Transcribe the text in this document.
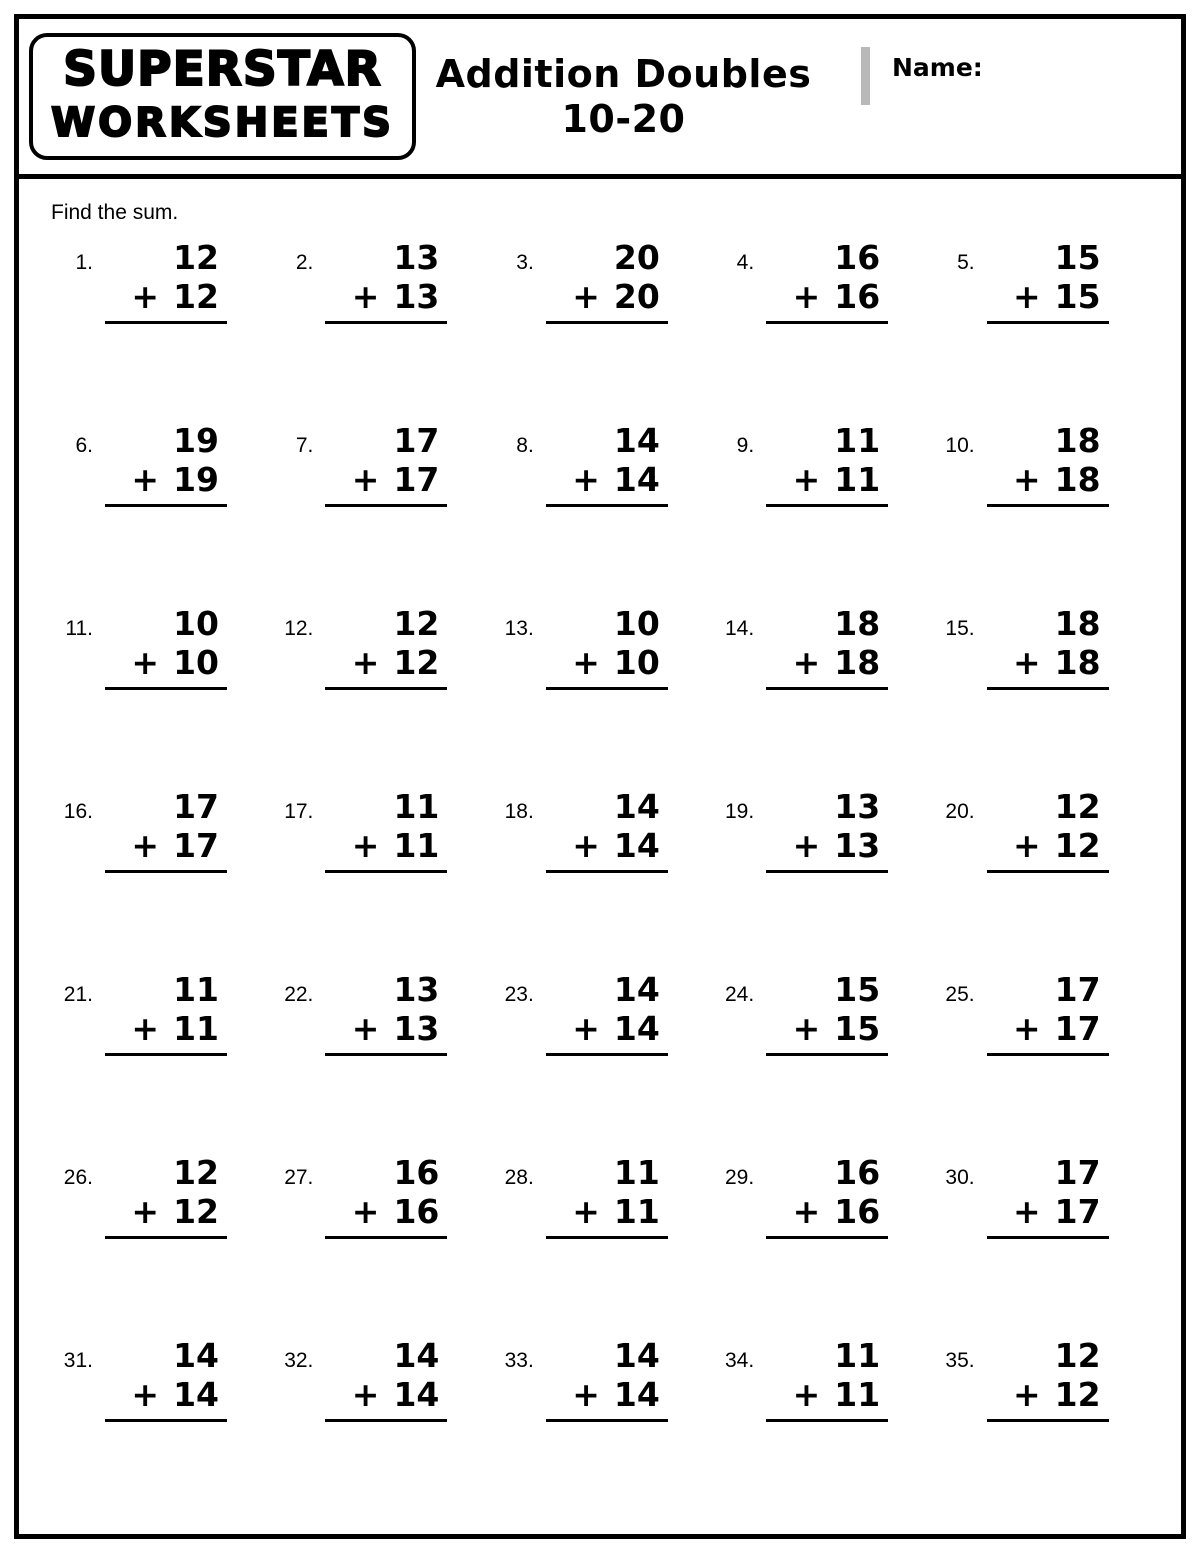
SUPERSTAR
WORKSHEETS
Addition Doubles
10-20
Name:
Find the sum.
1.	12
+ 12
2.	13
+ 13
3.	20
+ 20
4.	16
+ 16
5.	15
+ 15
6.	19
+ 19
7.	17
+ 17
8.	14
+ 14
9.	11
+ 11
10.	18
+ 18
11.	10
+ 10
12.	12
+ 12
13.	10
+ 10
14.	18
+ 18
15.	18
+ 18
16.	17
+ 17
17.	11
+ 11
18.	14
+ 14
19.	13
+ 13
20.	12
+ 12
21.	11
+ 11
22.	13
+ 13
23.	14
+ 14
24.	15
+ 15
25.	17
+ 17
26.	12
+ 12
27.	16
+ 16
28.	11
+ 11
29.	16
+ 16
30.	17
+ 17
31.	14
+ 14
32.	14
+ 14
33.	14
+ 14
34.	11
+ 11
35.	12
+ 12
